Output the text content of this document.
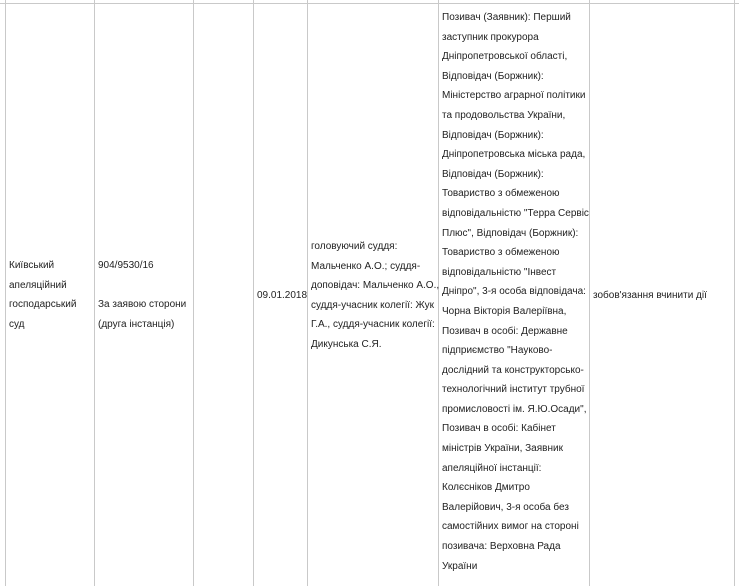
Київський
апеляційний
господарський
суд
904/9530/16
За заявою сторони
(друга інстанція)
09.01.2018
головуючий суддя:
Мальченко А.О.; суддя-
доповідач: Мальченко А.О.,
суддя-учасник колегії: Жук
Г.А., суддя-учасник колегії:
Дикунська С.Я.
Позивач (Заявник): Перший
заступник прокурора
Дніпропетровської області,
Відповідач (Боржник):
Міністерство аграрної політики
та продовольства України,
Відповідач (Боржник):
Дніпропетровська міська рада,
Відповідач (Боржник):
Товариство з обмеженою
відповідальністю "Терра Сервіс
Плюс", Відповідач (Боржник):
Товариство з обмеженою
відповідальністю "Інвест
Дніпро", 3-я особа відповідача:
Чорна Вікторія Валеріївна,
Позивач в особі: Державне
підприємство "Науково-
дослідний та конструкторсько-
технологічний інститут трубної
промисловості ім. Я.Ю.Осади",
Позивач в особі: Кабінет
міністрів України, Заявник
апеляційної інстанції:
Колєсніков Дмитро
Валерійович, 3-я особа без
самостійних вимог на стороні
позивача: Верховна Рада
України
зобов'язання вчинити дії
